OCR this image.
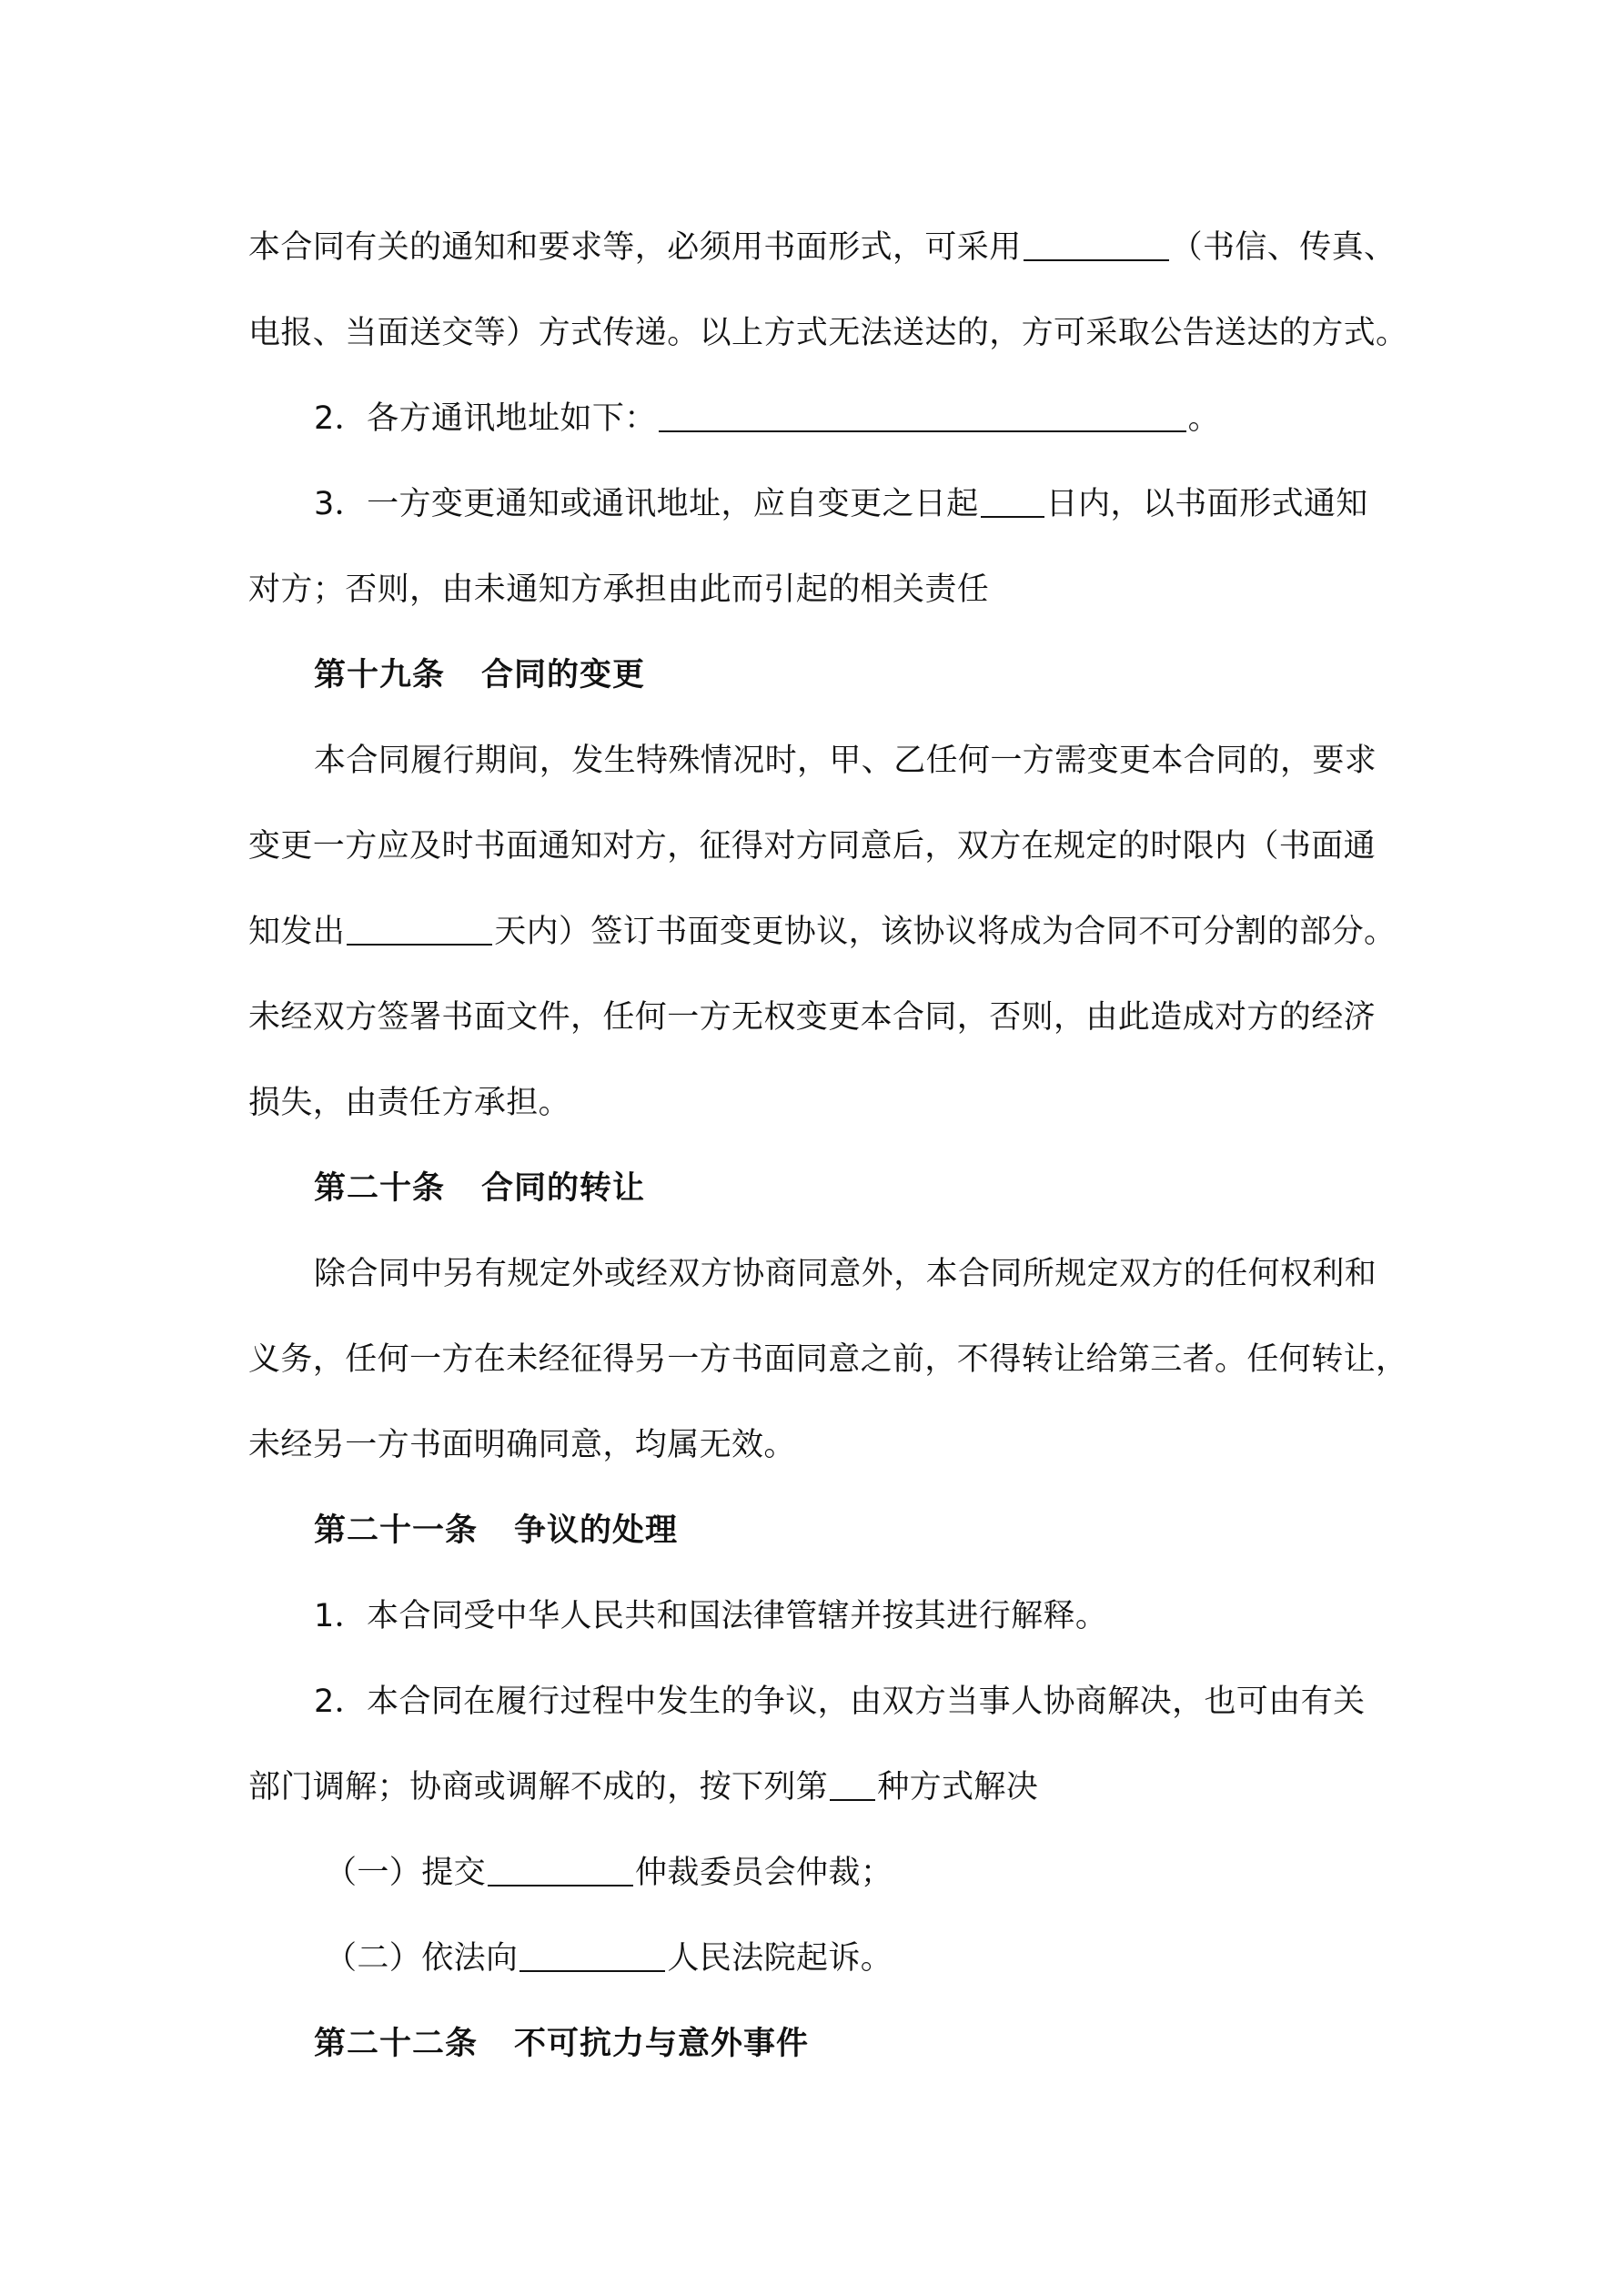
本合同有关的通知和要求等，必须用书面形式，可采用	（书信、传真、
电报、当面送交等）方式传递。以上方式无法送达的，方可采取公告送达的方式。
2．各方通讯地址如下：	。
3．一方变更通知或通讯地址，应自变更之日起 日内，以书面形式通知
对方；否则，由未通知方承担由此而引起的相关责任
第十九条 合同的变更
本合同履行期间，发生特殊情况时，甲、乙任何一方需变更本合同的，要求
变更一方应及时书面通知对方，征得对方同意后，双方在规定的时限内（书面通
知发出	天内）签订书面变更协议，该协议将成为合同不可分割的部分。
未经双方签署书面文件，任何一方无权变更本合同，否则，由此造成对方的经济
损失，由责任方承担。
第二十条 合同的转让
除合同中另有规定外或经双方协商同意外，本合同所规定双方的任何权利和
义务，任何一方在未经征得另一方书面同意之前，不得转让给第三者。任何转让，
未经另一方书面明确同意，均属无效。
第二十一条 争议的处理
1．本合同受中华人民共和国法律管辖并按其进行解释。
2．本合同在履行过程中发生的争议，由双方当事人协商解决，也可由有关
部门调解；协商或调解不成的，按下列第 种方式解决
（一）提交	仲裁委员会仲裁；
（二）依法向	人民法院起诉。
第二十二条 不可抗力与意外事件
